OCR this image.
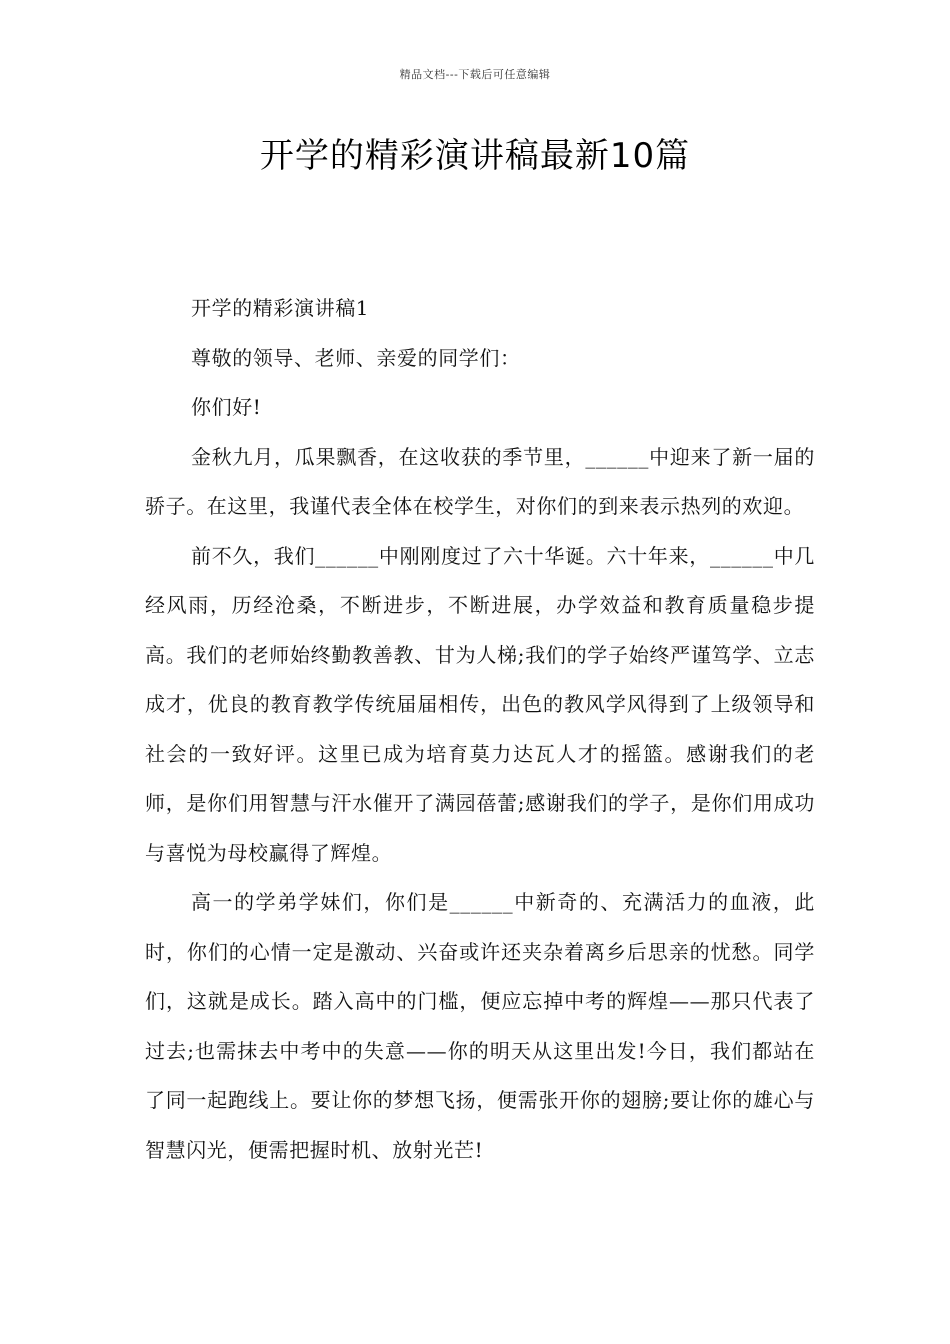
精品文档---下载后可任意编辑
开学的精彩演讲稿最新10篇

开学的精彩演讲稿1

尊敬的领导、老师、亲爱的同学们：

你们好!

金秋九月，瓜果飘香，在这收获的季节里，______中迎来了新一届的骄子。在这里，我谨代表全体在校学生，对你们的到来表示热列的欢迎。

前不久，我们______中刚刚度过了六十华诞。六十年来，______中几经风雨，历经沧桑，不断进步，不断进展，办学效益和教育质量稳步提高。我们的老师始终勤教善教、甘为人梯;我们的学子始终严谨笃学、立志成才，优良的教育教学传统届届相传，出色的教风学风得到了上级领导和社会的一致好评。这里已成为培育莫力达瓦人才的摇篮。感谢我们的老师，是你们用智慧与汗水催开了满园蓓蕾;感谢我们的学子，是你们用成功与喜悦为母校赢得了辉煌。

高一的学弟学妹们，你们是______中新奇的、充满活力的血液，此时，你们的心情一定是激动、兴奋或许还夹杂着离乡后思亲的忧愁。同学们，这就是成长。踏入高中的门槛，便应忘掉中考的辉煌——那只代表了过去;也需抹去中考中的失意——你的明天从这里出发!今日，我们都站在了同一起跑线上。要让你的梦想飞扬，便需张开你的翅膀;要让你的雄心与智慧闪光，便需把握时机、放射光芒!
